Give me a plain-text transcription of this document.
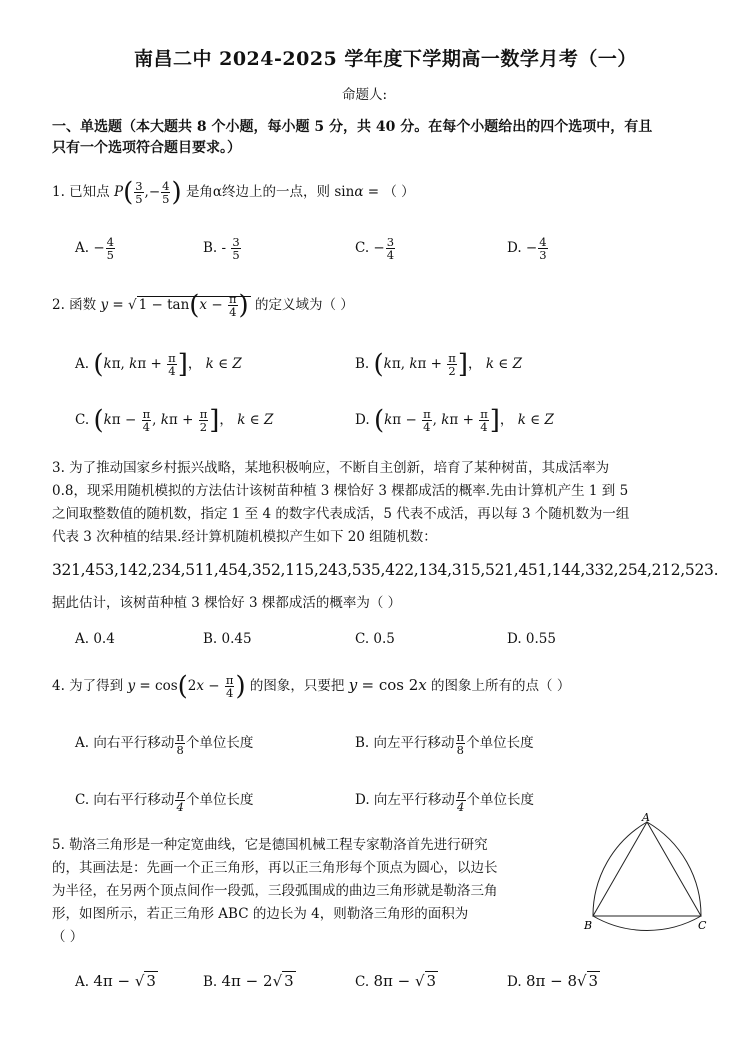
南昌二中 2024-2025 学年度下学期高一数学月考（一）
命题人:
一、单选题（本大题共 8 个小题，每小题 5 分，共 40 分。在每个小题给出的四个选项中，有且
只有一个选项符合题目要求。）
1. 已知点 $P( \frac{3}{5}$ ,− $\frac{4}{5}$ ) 是角α终边上的一点，则 sinα = （ ）
A. − $\frac{4}{5}$	B. - $\frac{3}{5}$	C. − $\frac{3}{4}$	D. − $\frac{4}{3}$
2. 函数 y = √ $1 - \tan(x - \frac{\pi}{4}$ ) 的定义域为（ ）
A. (kπ, $k\pi + \frac{\pi}{4}$ ]， k ∈ Z	B. (kπ, $k\pi + \frac{\pi}{2}$ ]， k ∈ Z
C. ($k\pi - \frac{\pi}{4}$ , $k\pi + \frac{\pi}{2}$ ]， k ∈ Z	D. ($k\pi - \frac{\pi}{4}$ , $k\pi + \frac{\pi}{4}$ ]， k ∈ Z
3. 为了推动国家乡村振兴战略，某地积极响应，不断自主创新，培育了某种树苗，其成活率为
0.8，现采用随机模拟的方法估计该树苗种植 3 棵恰好 3 棵都成活的概率.先由计算机产生 1 到 5
之间取整数值的随机数，指定 1 至 4 的数字代表成活，5 代表不成活，再以每 3 个随机数为一组
代表 3 次种植的结果.经计算机随机模拟产生如下 20 组随机数：
321,453,142,234,511,454,352,115,243,535,422,134,315,521,451,144,332,254,212,523.
据此估计，该树苗种植 3 棵恰好 3 棵都成活的概率为（ ）
A. 0.4	B. 0.45	C. 0.5	D. 0.55
4. 为了得到 $y = \cos(2x - \frac{\pi}{4}$ ) 的图象，只要把 y = cos 2x 的图象上所有的点（ ）
A. 向右平行移动 $\frac{\pi}{8}$ 个单位长度	B. 向左平行移动 $\frac{\pi}{8}$ 个单位长度
C. 向右平行移动 $\frac{\pi}{4}$ 个单位长度	D. 向左平行移动 $\frac{\pi}{4}$ 个单位长度
5. 勒洛三角形是一种定宽曲线，它是德国机械工程专家勒洛首先进行研究
的，其画法是：先画一个正三角形，再以正三角形每个顶点为圆心，以边长
为半径，在另两个顶点间作一段弧，三段弧围成的曲边三角形就是勒洛三角
形，如图所示，若正三角形 ABC 的边长为 4，则勒洛三角形的面积为
（ ）
A
B	C
A. 4π − √ 3	B. 4π − 2√ 3	C. 8π − √ 3	D. 8π − 8√ 3
